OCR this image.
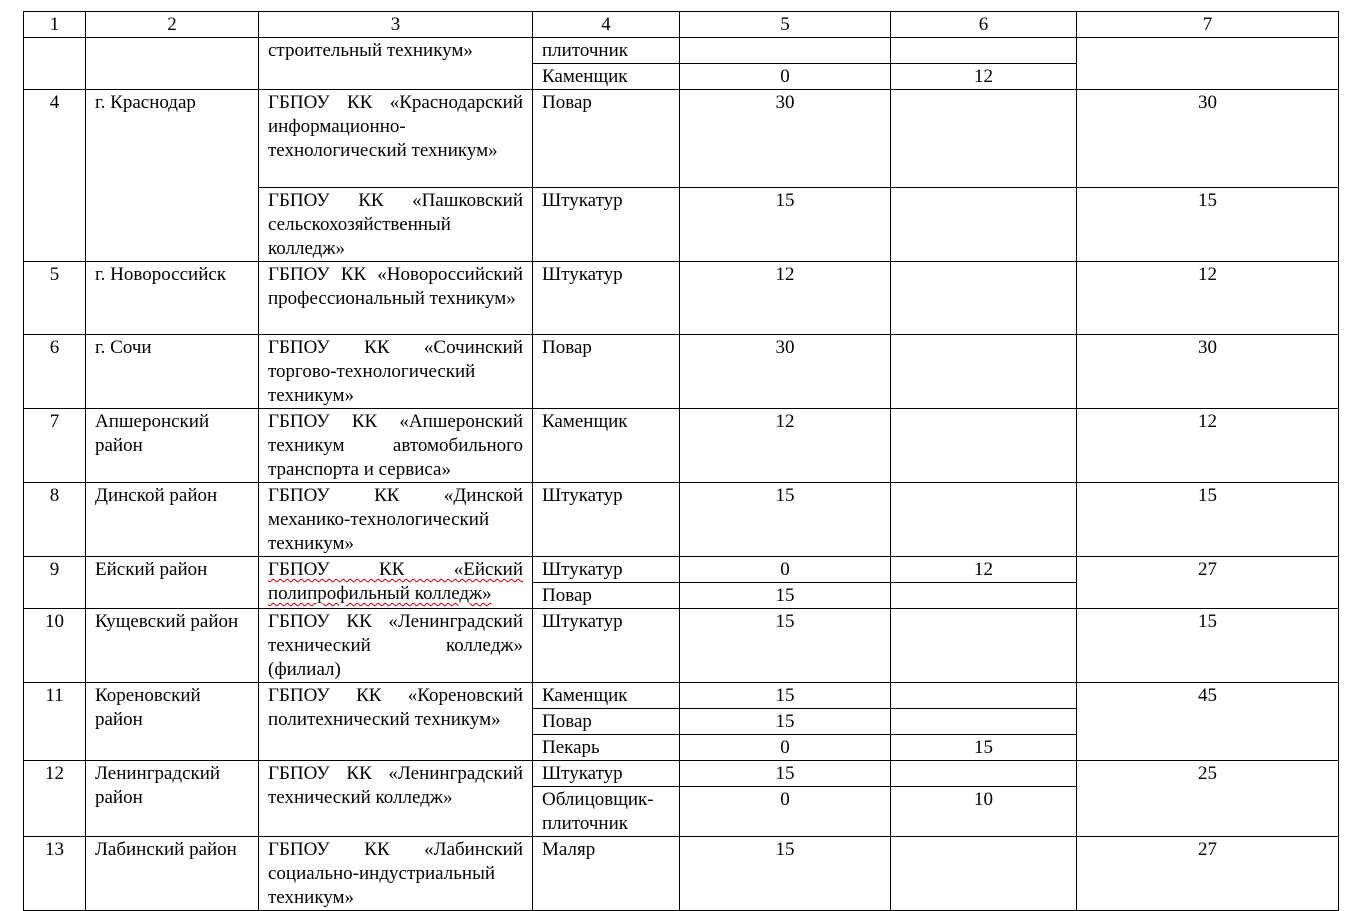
1	2	3	4	5	6	7
		строительный техникум»	плиточник			
			Каменщик	0	12	
4	г. Краснодар	ГБПОУ КК «Краснодарский информационно-технологический техникум»	Повар	30		30
		ГБПОУ КК «Пашковский сельскохозяйственный колледж»	Штукатур	15		15
5	г. Новороссийск	ГБПОУ КК «Новороссийский профессиональный техникум»	Штукатур	12		12
6	г. Сочи	ГБПОУ КК «Сочинский торгово-технологический техникум»	Повар	30		30
7	Апшеронский район	ГБПОУ КК «Апшеронский техникум автомобильного транспорта и сервиса»	Каменщик	12		12
8	Динской район	ГБПОУ КК «Динской механико-технологический техникум»	Штукатур	15		15
9	Ейский район	ГБПОУ КК «Ейский полипрофильный колледж»	Штукатур	0	12	27
			Повар	15		
10	Кущевский район	ГБПОУ КК «Ленинградский технический колледж» (филиал)	Штукатур	15		15
11	Кореновский район	ГБПОУ КК «Кореновский политехнический техникум»	Каменщик	15		45
			Повар	15		
			Пекарь	0	15	
12	Ленинградский район	ГБПОУ КК «Ленинградский технический колледж»	Штукатур	15		25
			Облицовщик-плиточник	0	10	
13	Лабинский район	ГБПОУ КК «Лабинский социально-индустриальный техникум»	Маляр	15		27
